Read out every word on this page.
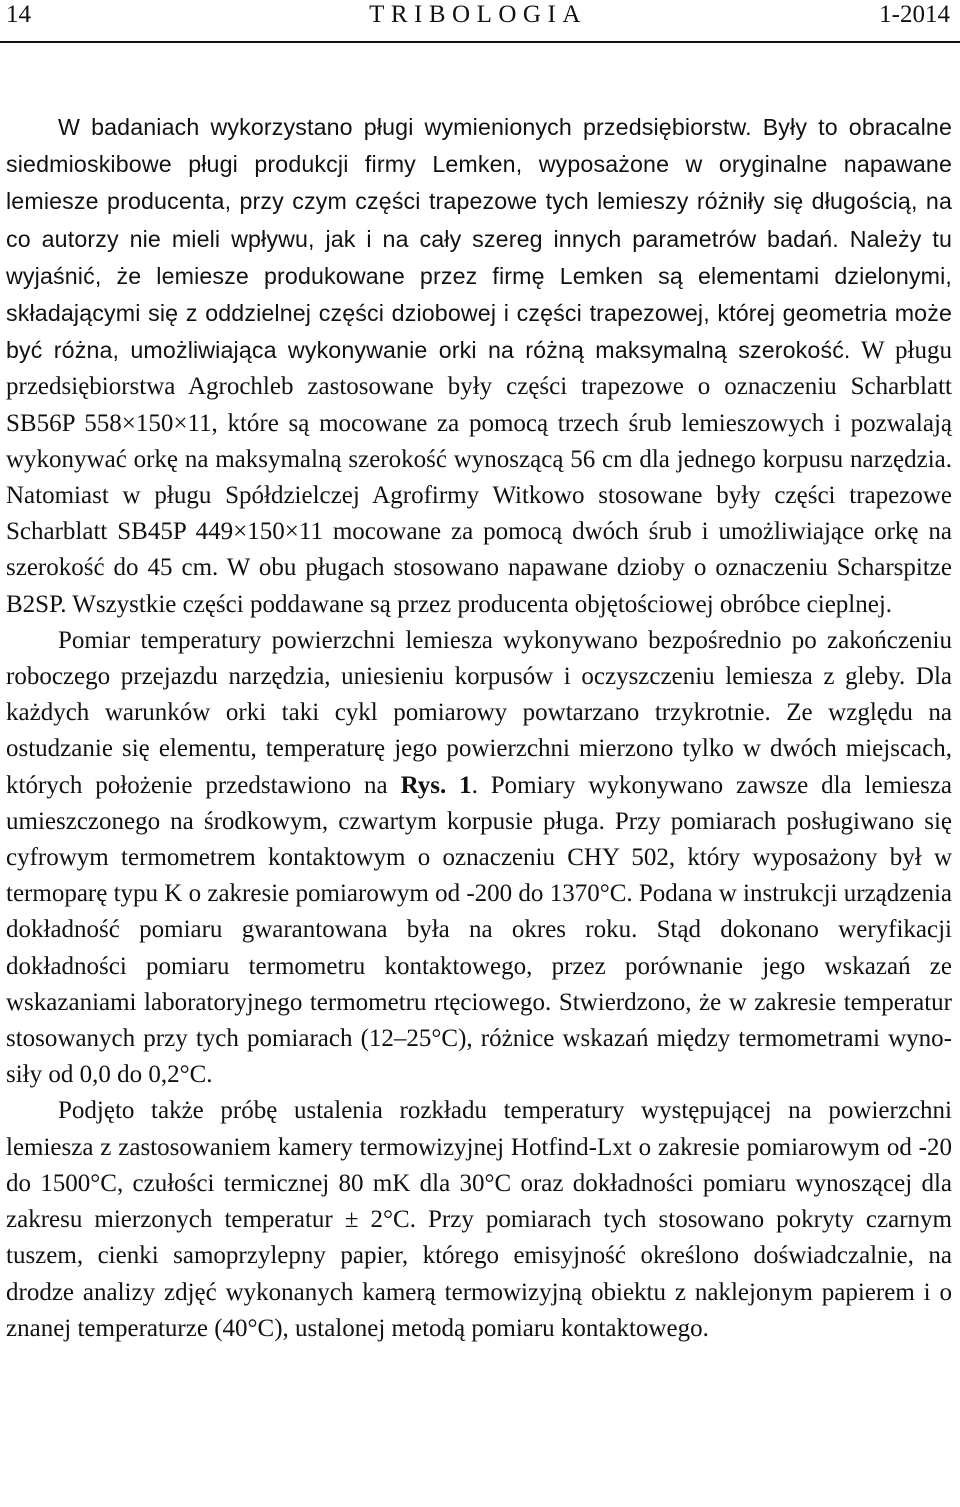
14	TRIBOLOGIA	1-2014

W badaniach wykorzystano pługi wymienionych przedsiębiorstw. Były to obracalne siedmioskibowe pługi produkcji firmy Lemken, wyposażone w oryginalne napawane lemiesze producenta, przy czym części trapezowe tych lemieszy różniły się długością, na co autorzy nie mieli wpływu, jak i na cały szereg innych parametrów badań. Należy tu wyjaśnić, że lemiesze produkowane przez firmę Lemken są elementami dzielonymi, składającymi się z oddzielnej części dziobowej i części trapezowej, której geometria może być różna, umożliwiająca wykonywanie orki na różną maksymalną szerokość. W pługu przedsiębiorstwa Agrochleb zastosowane były części trapezowe o oznaczeniu Scharblatt SB56P 558×150×11, które są mocowane za pomocą trzech śrub lemieszowych i pozwalają wykonywać orkę na maksymalną szerokość wynoszącą 56 cm dla jednego korpusu narzędzia. Natomiast w pługu Spółdzielczej Agrofirmy Witkowo stosowane były części trapezowe Scharblatt SB45P 449×150×11 mocowane za pomocą dwóch śrub i umożliwiające orkę na szerokość do 45 cm. W obu pługach stosowano napawane dzioby o oznaczeniu Scharspitze B2SP. Wszystkie części poddawane są przez producenta objętościowej obróbce cieplnej.

Pomiar temperatury powierzchni lemiesza wykonywano bezpośrednio po zakończeniu roboczego przejazdu narzędzia, uniesieniu korpusów i oczyszczeniu lemiesza z gleby. Dla każdych warunków orki taki cykl pomiarowy powtarzano trzykrotnie. Ze względu na ostudzanie się elementu, temperaturę jego powierzchni mierzono tylko w dwóch miejscach, których położenie przedstawiono na Rys. 1. Pomiary wykonywano zawsze dla lemiesza umieszczonego na środkowym, czwartym korpusie pługa. Przy pomiarach posługiwano się cyfrowym termometrem kontaktowym o oznaczeniu CHY 502, który wyposażony był w termoparę typu K o zakresie pomiarowym od -200 do 1370°C. Podana w instrukcji urządzenia dokładność pomiaru gwarantowana była na okres roku. Stąd dokonano weryfikacji dokładności pomiaru termometru kontaktowego, przez porównanie jego wskazań ze wskazaniami laboratoryjnego termometru rtęciowego. Stwierdzono, że w zakresie temperatur stosowanych przy tych pomiarach (12–25°C), różnice wskazań między termometrami wynosiły od 0,0 do 0,2°C.

Podjęto także próbę ustalenia rozkładu temperatury występującej na powierzchni lemiesza z zastosowaniem kamery termowizyjnej Hotfind-Lxt o zakresie pomiarowym od -20 do 1500°C, czułości termicznej 80 mK dla 30°C oraz dokładności pomiaru wynoszącej dla zakresu mierzonych temperatur ± 2°C. Przy pomiarach tych stosowano pokryty czarnym tuszem, cienki samoprzylepny papier, którego emisyjność określono doświadczalnie, na drodze analizy zdjęć wykonanych kamerą termowizyjną obiektu z naklejonym papierem i o znanej temperaturze (40°C), ustalonej metodą pomiaru kontaktowego.
